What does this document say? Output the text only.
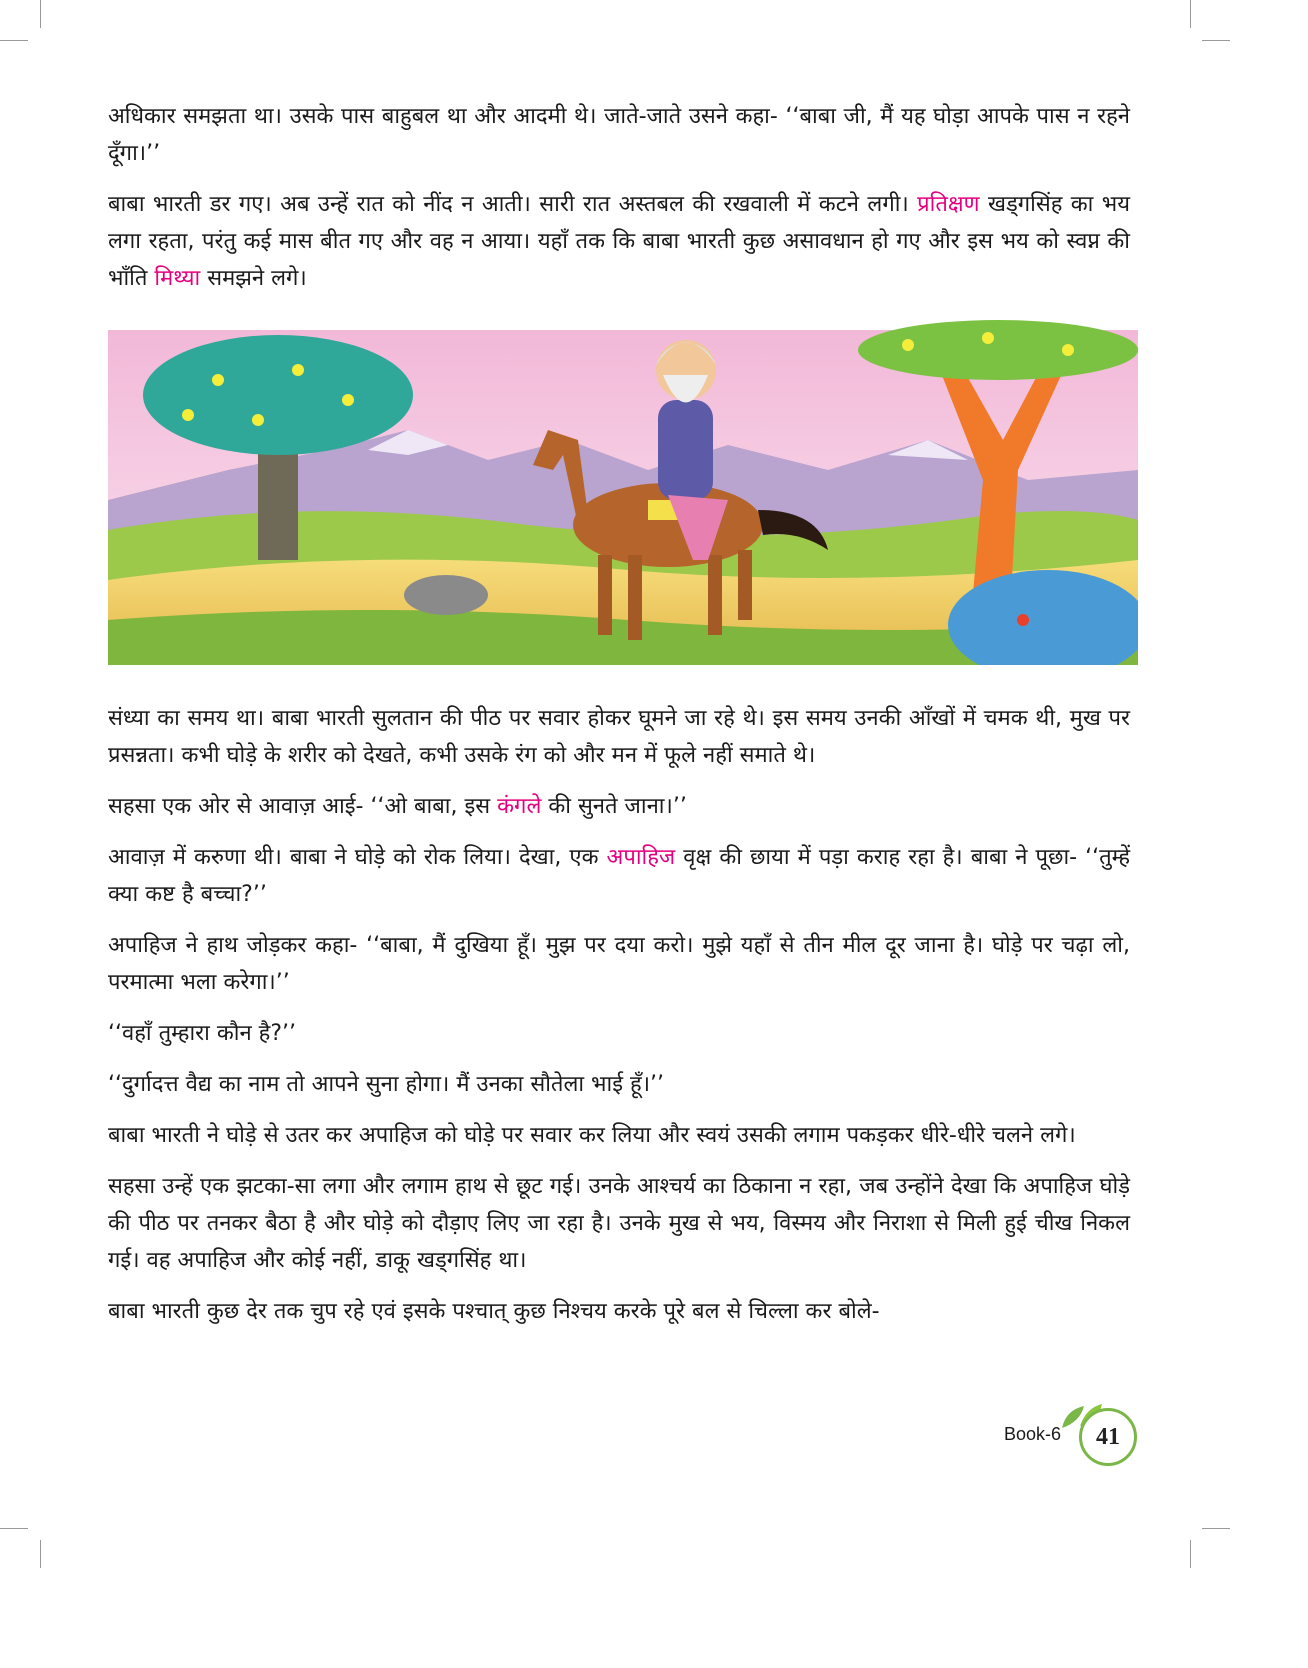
अधिकार समझता था। उसके पास बाहुबल था और आदमी थे। जाते-जाते उसने कहा- ‘‘बाबा जी, मैं यह घोड़ा आपके पास न रहने दूँगा।’’

बाबा भारती डर गए। अब उन्हें रात को नींद न आती। सारी रात अस्तबल की रखवाली में कटने लगी। प्रतिक्षण खड्गसिंह का भय लगा रहता, परंतु कई मास बीत गए और वह न आया। यहाँ तक कि बाबा भारती कुछ असावधान हो गए और इस भय को स्वप्न की भाँति मिथ्या समझने लगे।

संध्या का समय था। बाबा भारती सुलतान की पीठ पर सवार होकर घूमने जा रहे थे। इस समय उनकी आँखों में चमक थी, मुख पर प्रसन्नता। कभी घोड़े के शरीर को देखते, कभी उसके रंग को और मन में फूले नहीं समाते थे।

सहसा एक ओर से आवाज़ आई- ‘‘ओ बाबा, इस कंगले की सुनते जाना।’’

आवाज़ में करुणा थी। बाबा ने घोड़े को रोक लिया। देखा, एक अपाहिज वृक्ष की छाया में पड़ा कराह रहा है। बाबा ने पूछा- ‘‘तुम्हें क्या कष्ट है बच्चा?’’

अपाहिज ने हाथ जोड़कर कहा- ‘‘बाबा, मैं दुखिया हूँ। मुझ पर दया करो। मुझे यहाँ से तीन मील दूर जाना है। घोड़े पर चढ़ा लो, परमात्मा भला करेगा।’’

‘‘वहाँ तुम्हारा कौन है?’’

‘‘दुर्गादत्त वैद्य का नाम तो आपने सुना होगा। मैं उनका सौतेला भाई हूँ।’’

बाबा भारती ने घोड़े से उतर कर अपाहिज को घोड़े पर सवार कर लिया और स्वयं उसकी लगाम पकड़कर धीरे-धीरे चलने लगे।

सहसा उन्हें एक झटका-सा लगा और लगाम हाथ से छूट गई। उनके आश्चर्य का ठिकाना न रहा, जब उन्होंने देखा कि अपाहिज घोड़े की पीठ पर तनकर बैठा है और घोड़े को दौड़ाए लिए जा रहा है। उनके मुख से भय, विस्मय और निराशा से मिली हुई चीख निकल गई। वह अपाहिज और कोई नहीं, डाकू खड्गसिंह था।

बाबा भारती कुछ देर तक चुप रहे एवं इसके पश्चात् कुछ निश्चय करके पूरे बल से चिल्ला कर बोले-

Book-6 41
